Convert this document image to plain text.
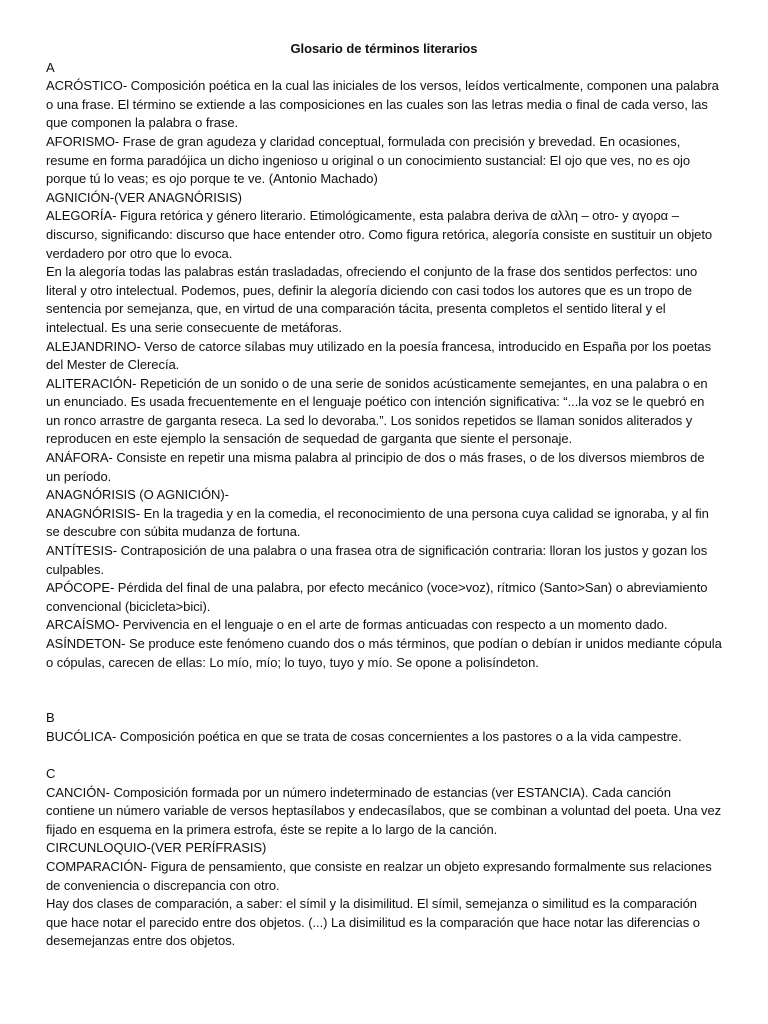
Glosario de términos literarios

A

ACRÓSTICO- Composición poética en la cual las iniciales de los versos, leídos verticalmente, componen una palabra o una frase. El término se extiende a las composiciones en las cuales son las letras media o final de cada verso, las que componen la palabra o frase.

AFORISMO- Frase de gran agudeza y claridad conceptual, formulada con precisión y brevedad. En ocasiones, resume en forma paradójica un dicho ingenioso u original o un conocimiento sustancial: El ojo que ves, no es ojo porque tú lo veas; es ojo porque te ve. (Antonio Machado)

AGNICIÓN-(VER ANAGNÓRISIS)

ALEGORÍA- Figura retórica y género literario. Etimológicamente, esta palabra deriva de αλλη – otro- y αγορα – discurso, significando: discurso que hace entender otro. Como figura retórica, alegoría consiste en sustituir un objeto verdadero por otro que lo evoca.

En la alegoría todas las palabras están trasladadas, ofreciendo el conjunto de la frase dos sentidos perfectos: uno literal y otro intelectual. Podemos, pues, definir la alegoría diciendo con casi todos los autores que es un tropo de sentencia por semejanza, que, en virtud de una comparación tácita, presenta completos el sentido literal y el intelectual. Es una serie consecuente de metáforas.

ALEJANDRINO- Verso de catorce sílabas muy utilizado en la poesía francesa, introducido en España por los poetas del Mester de Clerecía.

ALITERACIÓN- Repetición de un sonido o de una serie de sonidos acústicamente semejantes, en una palabra o en un enunciado. Es usada frecuentemente en el lenguaje poético con intención significativa: “...la voz se le quebró en un ronco arrastre de garganta reseca. La sed lo devoraba.”. Los sonidos repetidos se llaman sonidos aliterados y reproducen en este ejemplo la sensación de sequedad de garganta que siente el personaje.

ANÁFORA- Consiste en repetir una misma palabra al principio de dos o más frases, o de los diversos miembros de un período.

ANAGNÓRISIS (O AGNICIÓN)-

ANAGNÓRISIS- En la tragedia y en la comedia, el reconocimiento de una persona cuya calidad se ignoraba, y al fin se descubre con súbita mudanza de fortuna.

ANTÍTESIS- Contraposición de una palabra o una frasea otra de significación contraria: lloran los justos y gozan los culpables.

APÓCOPE- Pérdida del final de una palabra, por efecto mecánico (voce>voz), rítmico (Santo>San) o abreviamiento convencional (bicicleta>bici).

ARCAÍSMO- Pervivencia en el lenguaje o en el arte de formas anticuadas con respecto a un momento dado.

ASÍNDETON- Se produce este fenómeno cuando dos o más términos, que podían o debían ir unidos mediante cópula o cópulas, carecen de ellas: Lo mío, mío; lo tuyo, tuyo y mío. Se opone a polisíndeton.

B

BUCÓLICA- Composición poética en que se trata de cosas concernientes a los pastores o a la vida campestre.

C

CANCIÓN- Composición formada por un número indeterminado de estancias (ver ESTANCIA). Cada canción contiene un número variable de versos heptasílabos y endecasílabos, que se combinan a voluntad del poeta. Una vez fijado en esquema en la primera estrofa, éste se repite a lo largo de la canción.

CIRCUNLOQUIO-(VER PERÍFRASIS)

COMPARACIÓN- Figura de pensamiento, que consiste en realzar un objeto expresando formalmente sus relaciones de conveniencia o discrepancia con otro.

Hay dos clases de comparación, a saber: el símil y la disimilitud. El símil, semejanza o similitud es la comparación que hace notar el parecido entre dos objetos. (...) La disimilitud es la comparación que hace notar las diferencias o desemejanzas entre dos objetos.
